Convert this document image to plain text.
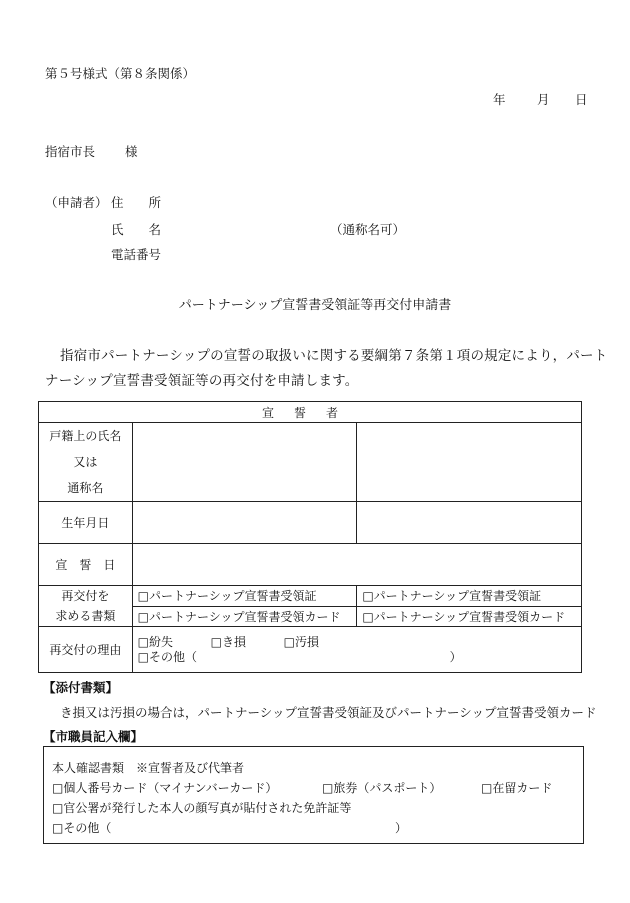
第５号様式（第８条関係）
年	月 日
指宿市長 様
（申請者） 住　　所
氏　　名	（通称名可）
電話番号
パートナーシップ宣誓書受領証等再交付申請書
指宿市パートナーシップの宣誓の取扱いに関する要綱第７条第１項の規定により，パート
ナーシップ宣誓書受領証等の再交付を申請します。
宣誓者		

戸籍上の氏名
又は
通称名		

生年月日		
宣　誓　日		

再交付を
求める書類	□パートナーシップ宣誓書受領証	□パートナーシップ宣誓書受領証
	□パートナーシップ宣誓書受領カード	□パートナーシップ宣誓書受領カード
再交付の理由	□紛失 □き損 □汚損
□その他（ ）	
【添付書類】
き損又は汚損の場合は，パートナーシップ宣誓書受領証及びパートナーシップ宣誓書受領カード
【市職員記入欄】
本人確認書類　※宣誓者及び代筆者
□個人番号カード（マイナンバーカード）	□旅券（パスポート）	□在留カード
□官公署が発行した本人の顔写真が貼付された免許証等
□その他（	）
